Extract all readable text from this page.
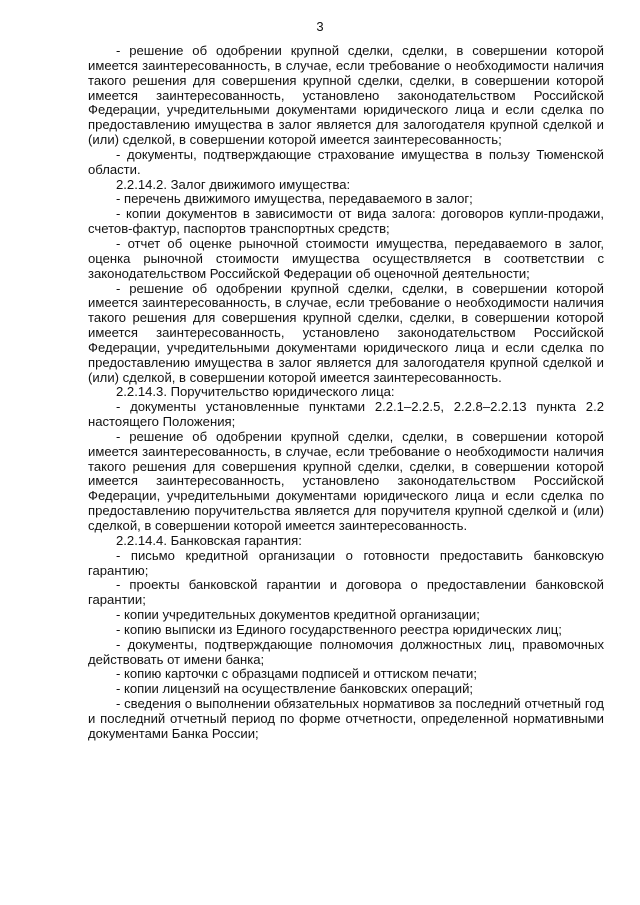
3

- решение об одобрении крупной сделки, сделки, в совершении которой имеется заинтересованность, в случае, если требование о необходимости наличия такого решения для совершения крупной сделки, сделки, в совершении которой имеется заинтересованность, установлено законодательством Российской Федерации, учредительными документами юридического лица и если сделка по предоставлению имущества в залог является для залогодателя крупной сделкой и (или) сделкой, в совершении которой имеется заинтересованность;

- документы, подтверждающие страхование имущества в пользу Тюменской области.

2.2.14.2. Залог движимого имущества:

- перечень движимого имущества, передаваемого в залог;

- копии документов в зависимости от вида залога: договоров купли-продажи, счетов-фактур, паспортов транспортных средств;

- отчет об оценке рыночной стоимости имущества, передаваемого в залог, оценка рыночной стоимости имущества осуществляется в соответствии с законодательством Российской Федерации об оценочной деятельности;

- решение об одобрении крупной сделки, сделки, в совершении которой имеется заинтересованность, в случае, если требование о необходимости наличия такого решения для совершения крупной сделки, сделки, в совершении которой имеется заинтересованность, установлено законодательством Российской Федерации, учредительными документами юридического лица и если сделка по предоставлению имущества в залог является для залогодателя крупной сделкой и (или) сделкой, в совершении которой имеется заинтересованность.

2.2.14.3. Поручительство юридического лица:

- документы установленные пунктами 2.2.1–2.2.5, 2.2.8–2.2.13 пункта 2.2 настоящего Положения;

- решение об одобрении крупной сделки, сделки, в совершении которой имеется заинтересованность, в случае, если требование о необходимости наличия такого решения для совершения крупной сделки, сделки, в совершении которой имеется заинтересованность, установлено законодательством Российской Федерации, учредительными документами юридического лица и если сделка по предоставлению поручительства является для поручителя крупной сделкой и (или) сделкой, в совершении которой имеется заинтересованность.

2.2.14.4. Банковская гарантия:

- письмо кредитной организации о готовности предоставить банковскую гарантию;

- проекты банковской гарантии и договора о предоставлении банковской гарантии;

- копии учредительных документов кредитной организации;

- копию выписки из Единого государственного реестра юридических лиц;

- документы, подтверждающие полномочия должностных лиц, правомочных действовать от имени банка;

- копию карточки с образцами подписей и оттиском печати;

- копии лицензий на осуществление банковских операций;

- сведения о выполнении обязательных нормативов за последний отчетный год и последний отчетный период по форме отчетности, определенной нормативными документами Банка России;
